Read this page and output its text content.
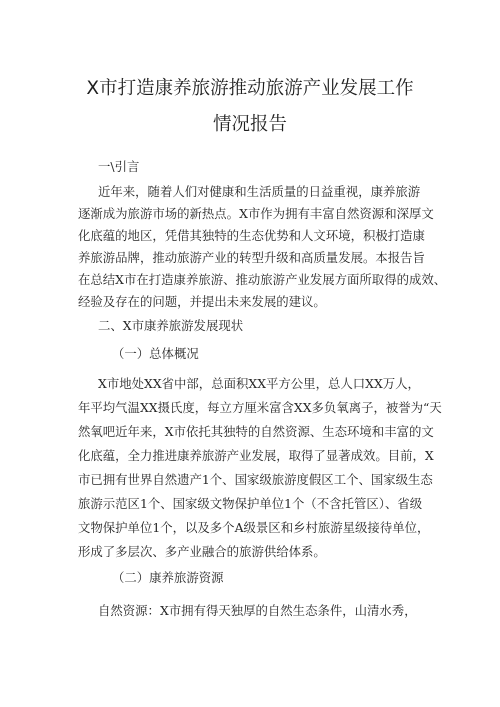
X市打造康养旅游推动旅游产业发展工作
情况报告
一\引言
近年来，随着人们对健康和生活质量的日益重视，康养旅游
逐渐成为旅游市场的新热点。X市作为拥有丰富自然资源和深厚文
化底蕴的地区，凭借其独特的生态优势和人文环境，积极打造康
养旅游品牌，推动旅游产业的转型升级和高质量发展。本报告旨
在总结X市在打造康养旅游、推动旅游产业发展方面所取得的成效、
经验及存在的问题，并提出未来发展的建议。
二、X市康养旅游发展现状
（一）总体概况
X市地处XX省中部，总面积XX平方公里，总人口XX万人，
年平均气温XX摄氏度，每立方厘米富含XX多负氧离子，被誉为“天
然氧吧近年来，X市依托其独特的自然资源、生态环境和丰富的文
化底蕴，全力推进康养旅游产业发展，取得了显著成效。目前，X
市已拥有世界自然遗产1个、国家级旅游度假区工个、国家级生态
旅游示范区1个、国家级文物保护单位1个（不含托管区）、省级
文物保护单位1个，以及多个A级景区和乡村旅游星级接待单位，
形成了多层次、多产业融合的旅游供给体系。
（二）康养旅游资源
自然资源：X市拥有得天独厚的自然生态条件，山清水秀，
